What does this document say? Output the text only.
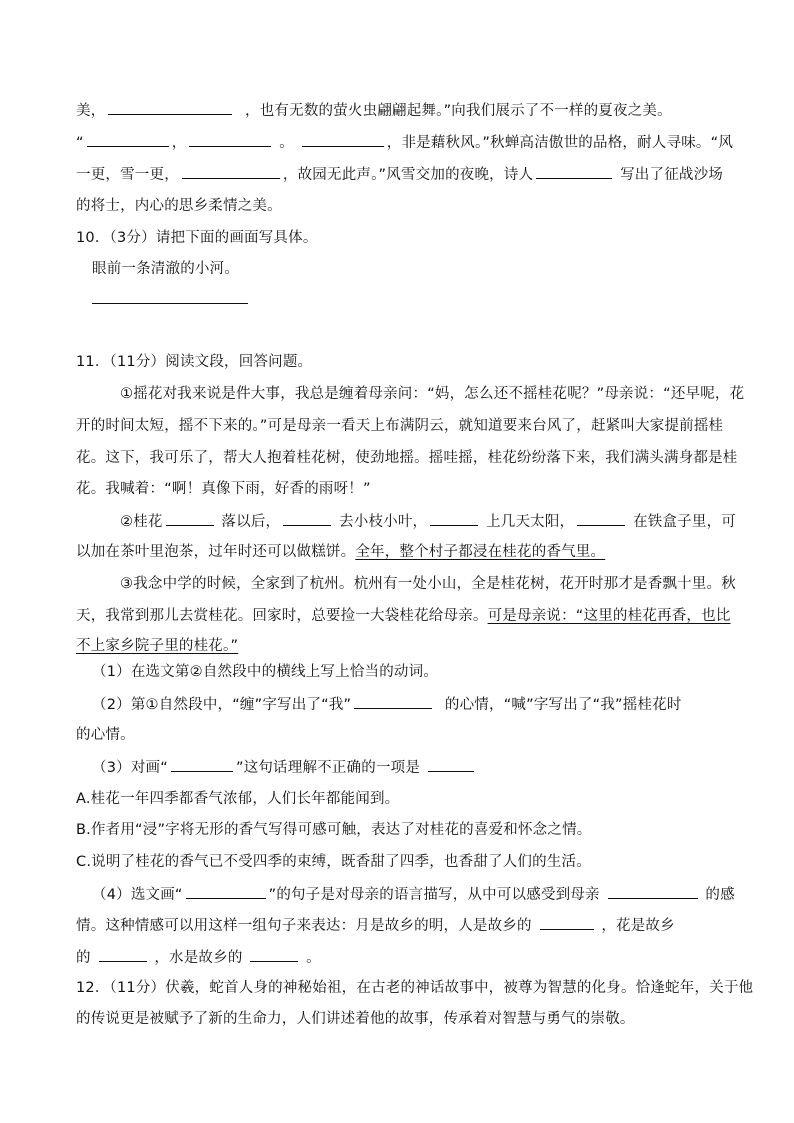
美，	，也有无数的萤火虫翩翩起舞。”向我们展示了不一样的夏夜之美。
“	，	。	，非是藉秋风。”秋蝉高洁傲世的品格，耐人寻味。“风
一更，雪一更，	，故园无此声。”风雪交加的夜晚，诗人	写出了征战沙场
的将士，内心的思乡柔情之美。
10．（3分）请把下面的画面写具体。
眼前一条清澈的小河。
11．（11分）阅读文段，回答问题。
①摇花对我来说是件大事，我总是缠着母亲问：“妈，怎么还不摇桂花呢？”母亲说：“还早呢，花
开的时间太短，摇不下来的。”可是母亲一看天上布满阴云，就知道要来台风了，赶紧叫大家提前摇桂
花。这下，我可乐了，帮大人抱着桂花树，使劲地摇。摇哇摇，桂花纷纷落下来，我们满头满身都是桂
花。我喊着：“啊！真像下雨，好香的雨呀！”
②桂花	落以后，	去小枝小叶，	上几天太阳，	在铁盒子里，可
以加在茶叶里泡茶，过年时还可以做糕饼。全年，整个村子都浸在桂花的香气里。
③我念中学的时候，全家到了杭州。杭州有一处小山，全是桂花树，花开时那才是香飘十里。秋
天，我常到那儿去赏桂花。回家时，总要捡一大袋桂花给母亲。可是母亲说：“这里的桂花再香，也比
不上家乡院子里的桂花。”
（1）在选文第②自然段中的横线上写上恰当的动词。
（2）第①自然段中，“缠”字写出了“我”	的心情，“喊”字写出了“我”摇桂花时
的心情。
（3）对画“	”这句话理解不正确的一项是
A.桂花一年四季都香气浓郁，人们长年都能闻到。
B.作者用“浸”字将无形的香气写得可感可触，表达了对桂花的喜爱和怀念之情。
C.说明了桂花的香气已不受四季的束缚，既香甜了四季，也香甜了人们的生活。
（4）选文画“	”的句子是对母亲的语言描写，从中可以感受到母亲	的感
情。这种情感可以用这样一组句子来表达：月是故乡的明，人是故乡的	，花是故乡
的	，水是故乡的	。
12．（11分）伏羲，蛇首人身的神秘始祖，在古老的神话故事中，被尊为智慧的化身。恰逢蛇年，关于他
的传说更是被赋予了新的生命力，人们讲述着他的故事，传承着对智慧与勇气的崇敬。
